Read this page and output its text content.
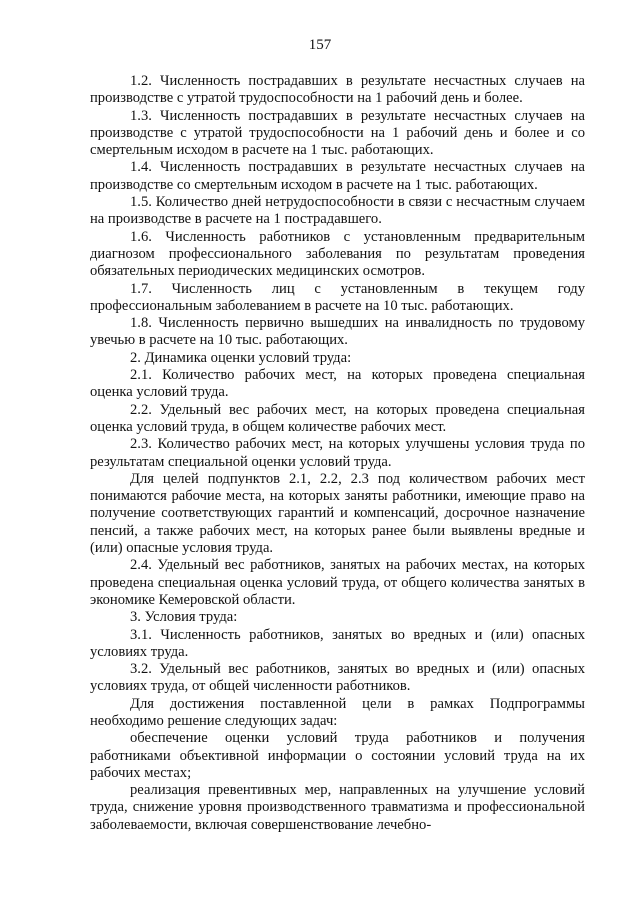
157

1.2. Численность пострадавших в результате несчастных случаев на производстве с утратой трудоспособности на 1 рабочий день и более.

1.3. Численность пострадавших в результате несчастных случаев на производстве с утратой трудоспособности на 1 рабочий день и более и со смертельным исходом в расчете на 1 тыс. работающих.

1.4. Численность пострадавших в результате несчастных случаев на производстве со смертельным исходом в расчете на 1 тыс. работающих.

1.5. Количество дней нетрудоспособности в связи с несчастным случаем на производстве в расчете на 1 пострадавшего.

1.6. Численность работников с установленным предварительным диагнозом профессионального заболевания по результатам проведения обязательных периодических медицинских осмотров.

1.7. Численность лиц с установленным в текущем году профессиональным заболеванием в расчете на 10 тыс. работающих.

1.8. Численность первично вышедших на инвалидность по трудовому увечью в расчете на 10 тыс. работающих.

2. Динамика оценки условий труда:

2.1. Количество рабочих мест, на которых проведена специальная оценка условий труда.

2.2. Удельный вес рабочих мест, на которых проведена специальная оценка условий труда, в общем количестве рабочих мест.

2.3. Количество рабочих мест, на которых улучшены условия труда по результатам специальной оценки условий труда.

Для целей подпунктов 2.1, 2.2, 2.3 под количеством рабочих мест понимаются рабочие места, на которых заняты работники, имеющие право на получение соответствующих гарантий и компенсаций, досрочное назначение пенсий, а также рабочих мест, на которых ранее были выявлены вредные и (или) опасные условия труда.

2.4. Удельный вес работников, занятых на рабочих местах, на которых проведена специальная оценка условий труда, от общего количества занятых в экономике Кемеровской области.

3. Условия труда:

3.1. Численность работников, занятых во вредных и (или) опасных условиях труда.

3.2. Удельный вес работников, занятых во вредных и (или) опасных условиях труда, от общей численности работников.

Для достижения поставленной цели в рамках Подпрограммы необходимо решение следующих задач:

обеспечение оценки условий труда работников и получения работниками объективной информации о состоянии условий труда на их рабочих местах;

реализация превентивных мер, направленных на улучшение условий труда, снижение уровня производственного травматизма и профессиональной заболеваемости, включая совершенствование лечебно-
